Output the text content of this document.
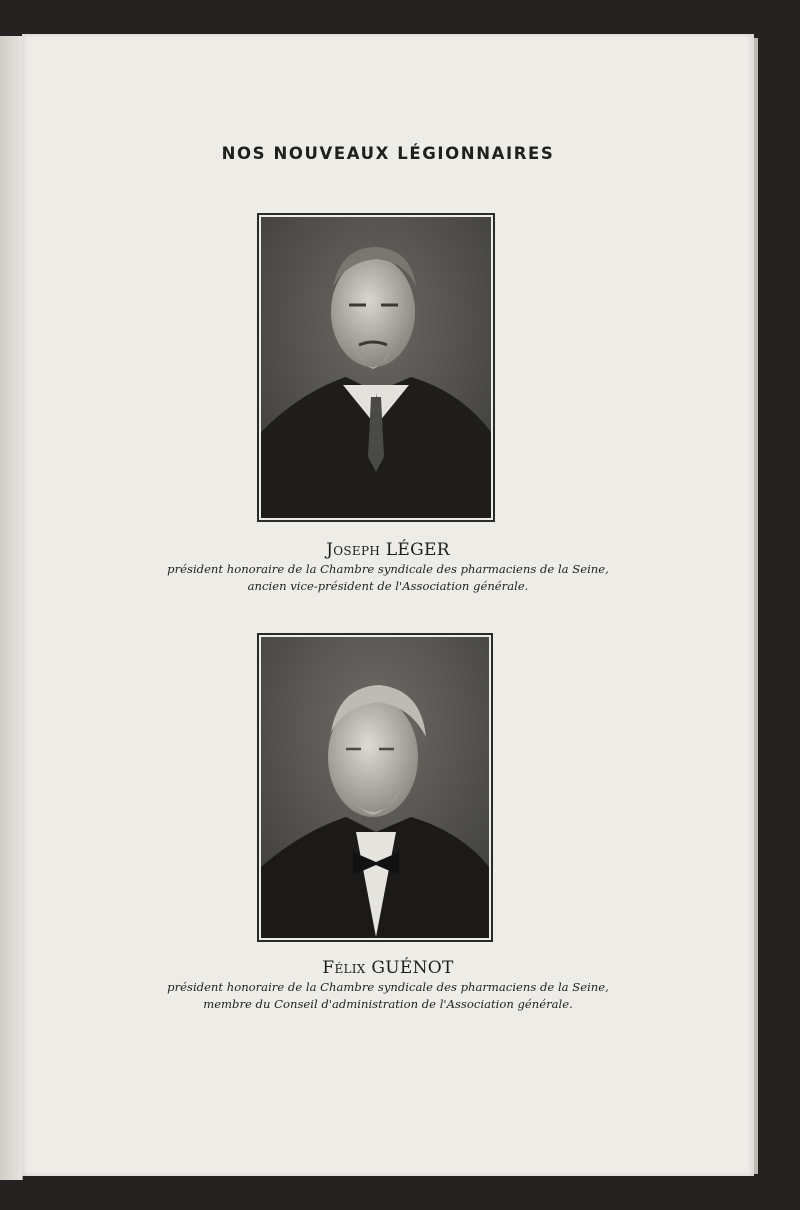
NOS NOUVEAUX LÉGIONNAIRES
Joseph LÉGER
président honoraire de la Chambre syndicale des pharmaciens de la Seine,
ancien vice-président de l'Association générale.
Félix GUÉNOT
président honoraire de la Chambre syndicale des pharmaciens de la Seine,
membre du Conseil d'administration de l'Association générale.
